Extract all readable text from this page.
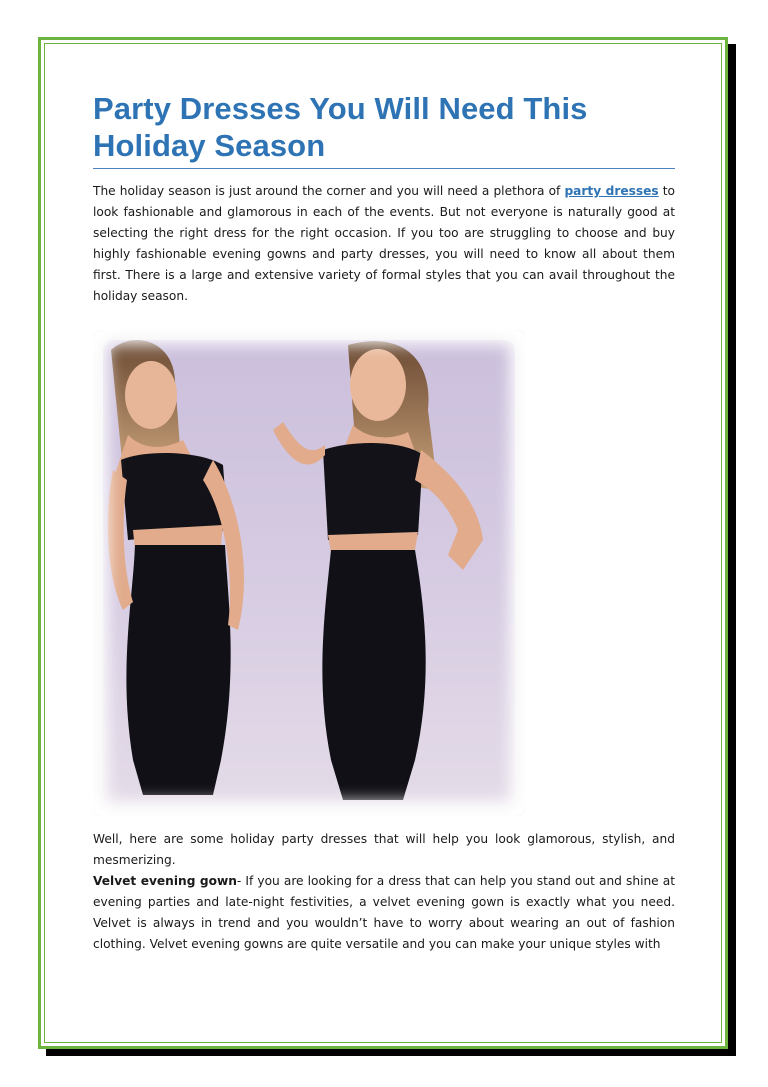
Party Dresses You Will Need This Holiday Season

The holiday season is just around the corner and you will need a plethora of party dresses to look fashionable and glamorous in each of the events. But not everyone is naturally good at selecting the right dress for the right occasion. If you too are struggling to choose and buy highly fashionable evening gowns and party dresses, you will need to know all about them first. There is a large and extensive variety of formal styles that you can avail throughout the holiday season.

Well, here are some holiday party dresses that will help you look glamorous, stylish, and mesmerizing.

Velvet evening gown- If you are looking for a dress that can help you stand out and shine at evening parties and late-night festivities, a velvet evening gown is exactly what you need. Velvet is always in trend and you wouldn’t have to worry about wearing an out of fashion clothing. Velvet evening gowns are quite versatile and you can make your unique styles with
